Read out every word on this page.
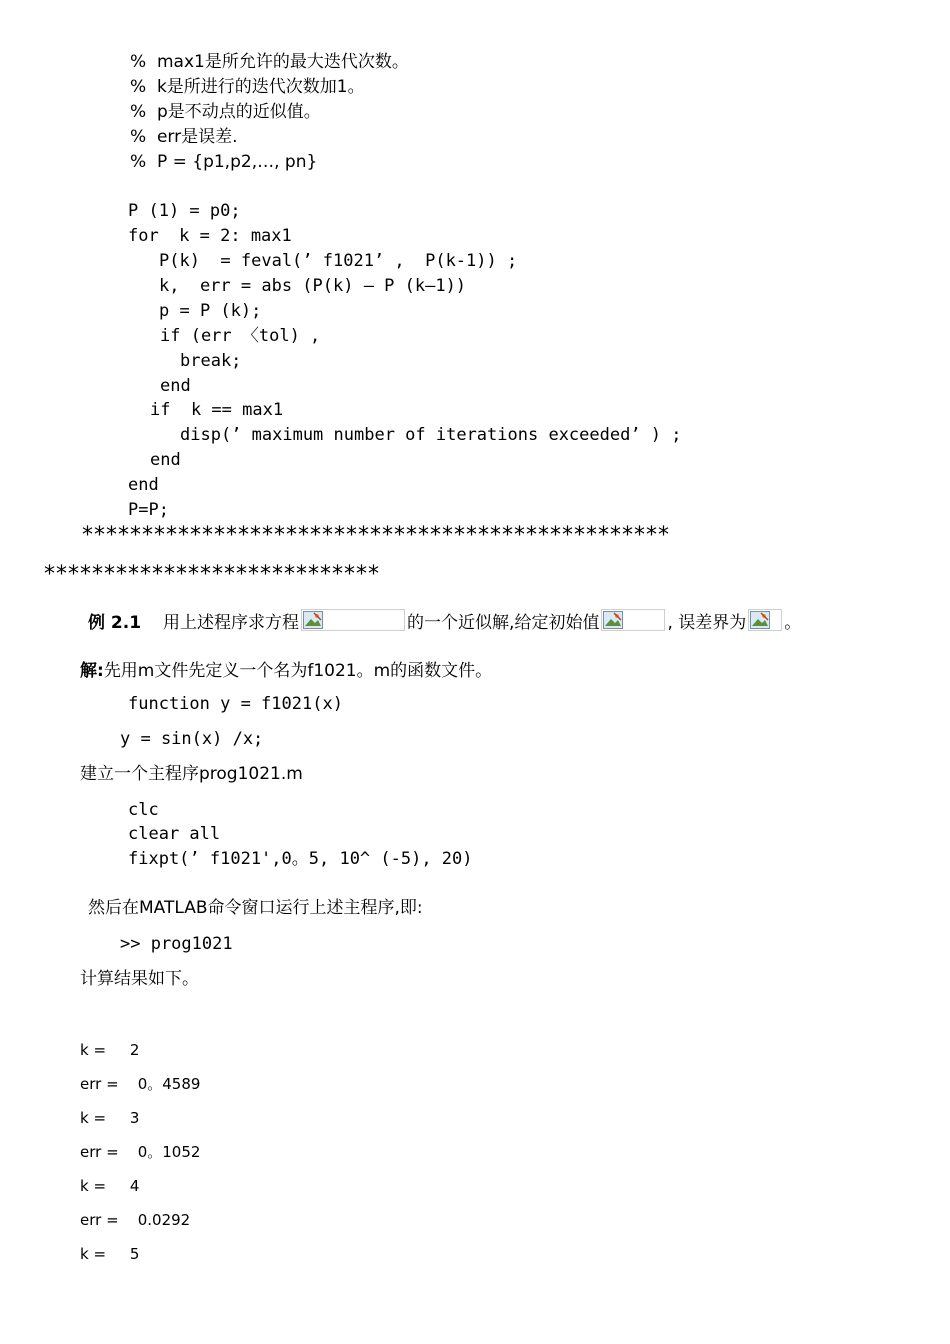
%  max1是所允许的最大迭代次数。
%  k是所进行的迭代次数加1。
%  p是不动点的近似值。
%  err是误差.
%  P = {p1,p2,…, pn}
P (1) = p0;
for  k = 2: max1
P(k)  = feval(’ f1021’ ,  P(k-1)) ;
k,  err = abs (P(k) — P (k—1))
p = P (k);
if (err 〈tol) ,
break;
end
if  k == max1
disp(’ maximum number of iterations exceeded’ ) ;
end
end
P=P;
*************************************************
****************************
例 2.1 用上述程序求方程

	的一个近似解,给定初始值

	, 误差界为

。
解: 先用m文件先定义一个名为f1021。m的函数文件。
function y = f1021(x)
y = sin(x) /x;
建立一个主程序prog1021.m
clc
clear all
fixpt(’ f1021',0。5, 10^ (-5), 20)
然后在MATLAB命令窗口运行上述主程序,即:
>> prog1021
计算结果如下。
k =     2
err =    0。4589
k =     3
err =    0。1052
k =     4
err =    0.0292
k =     5
